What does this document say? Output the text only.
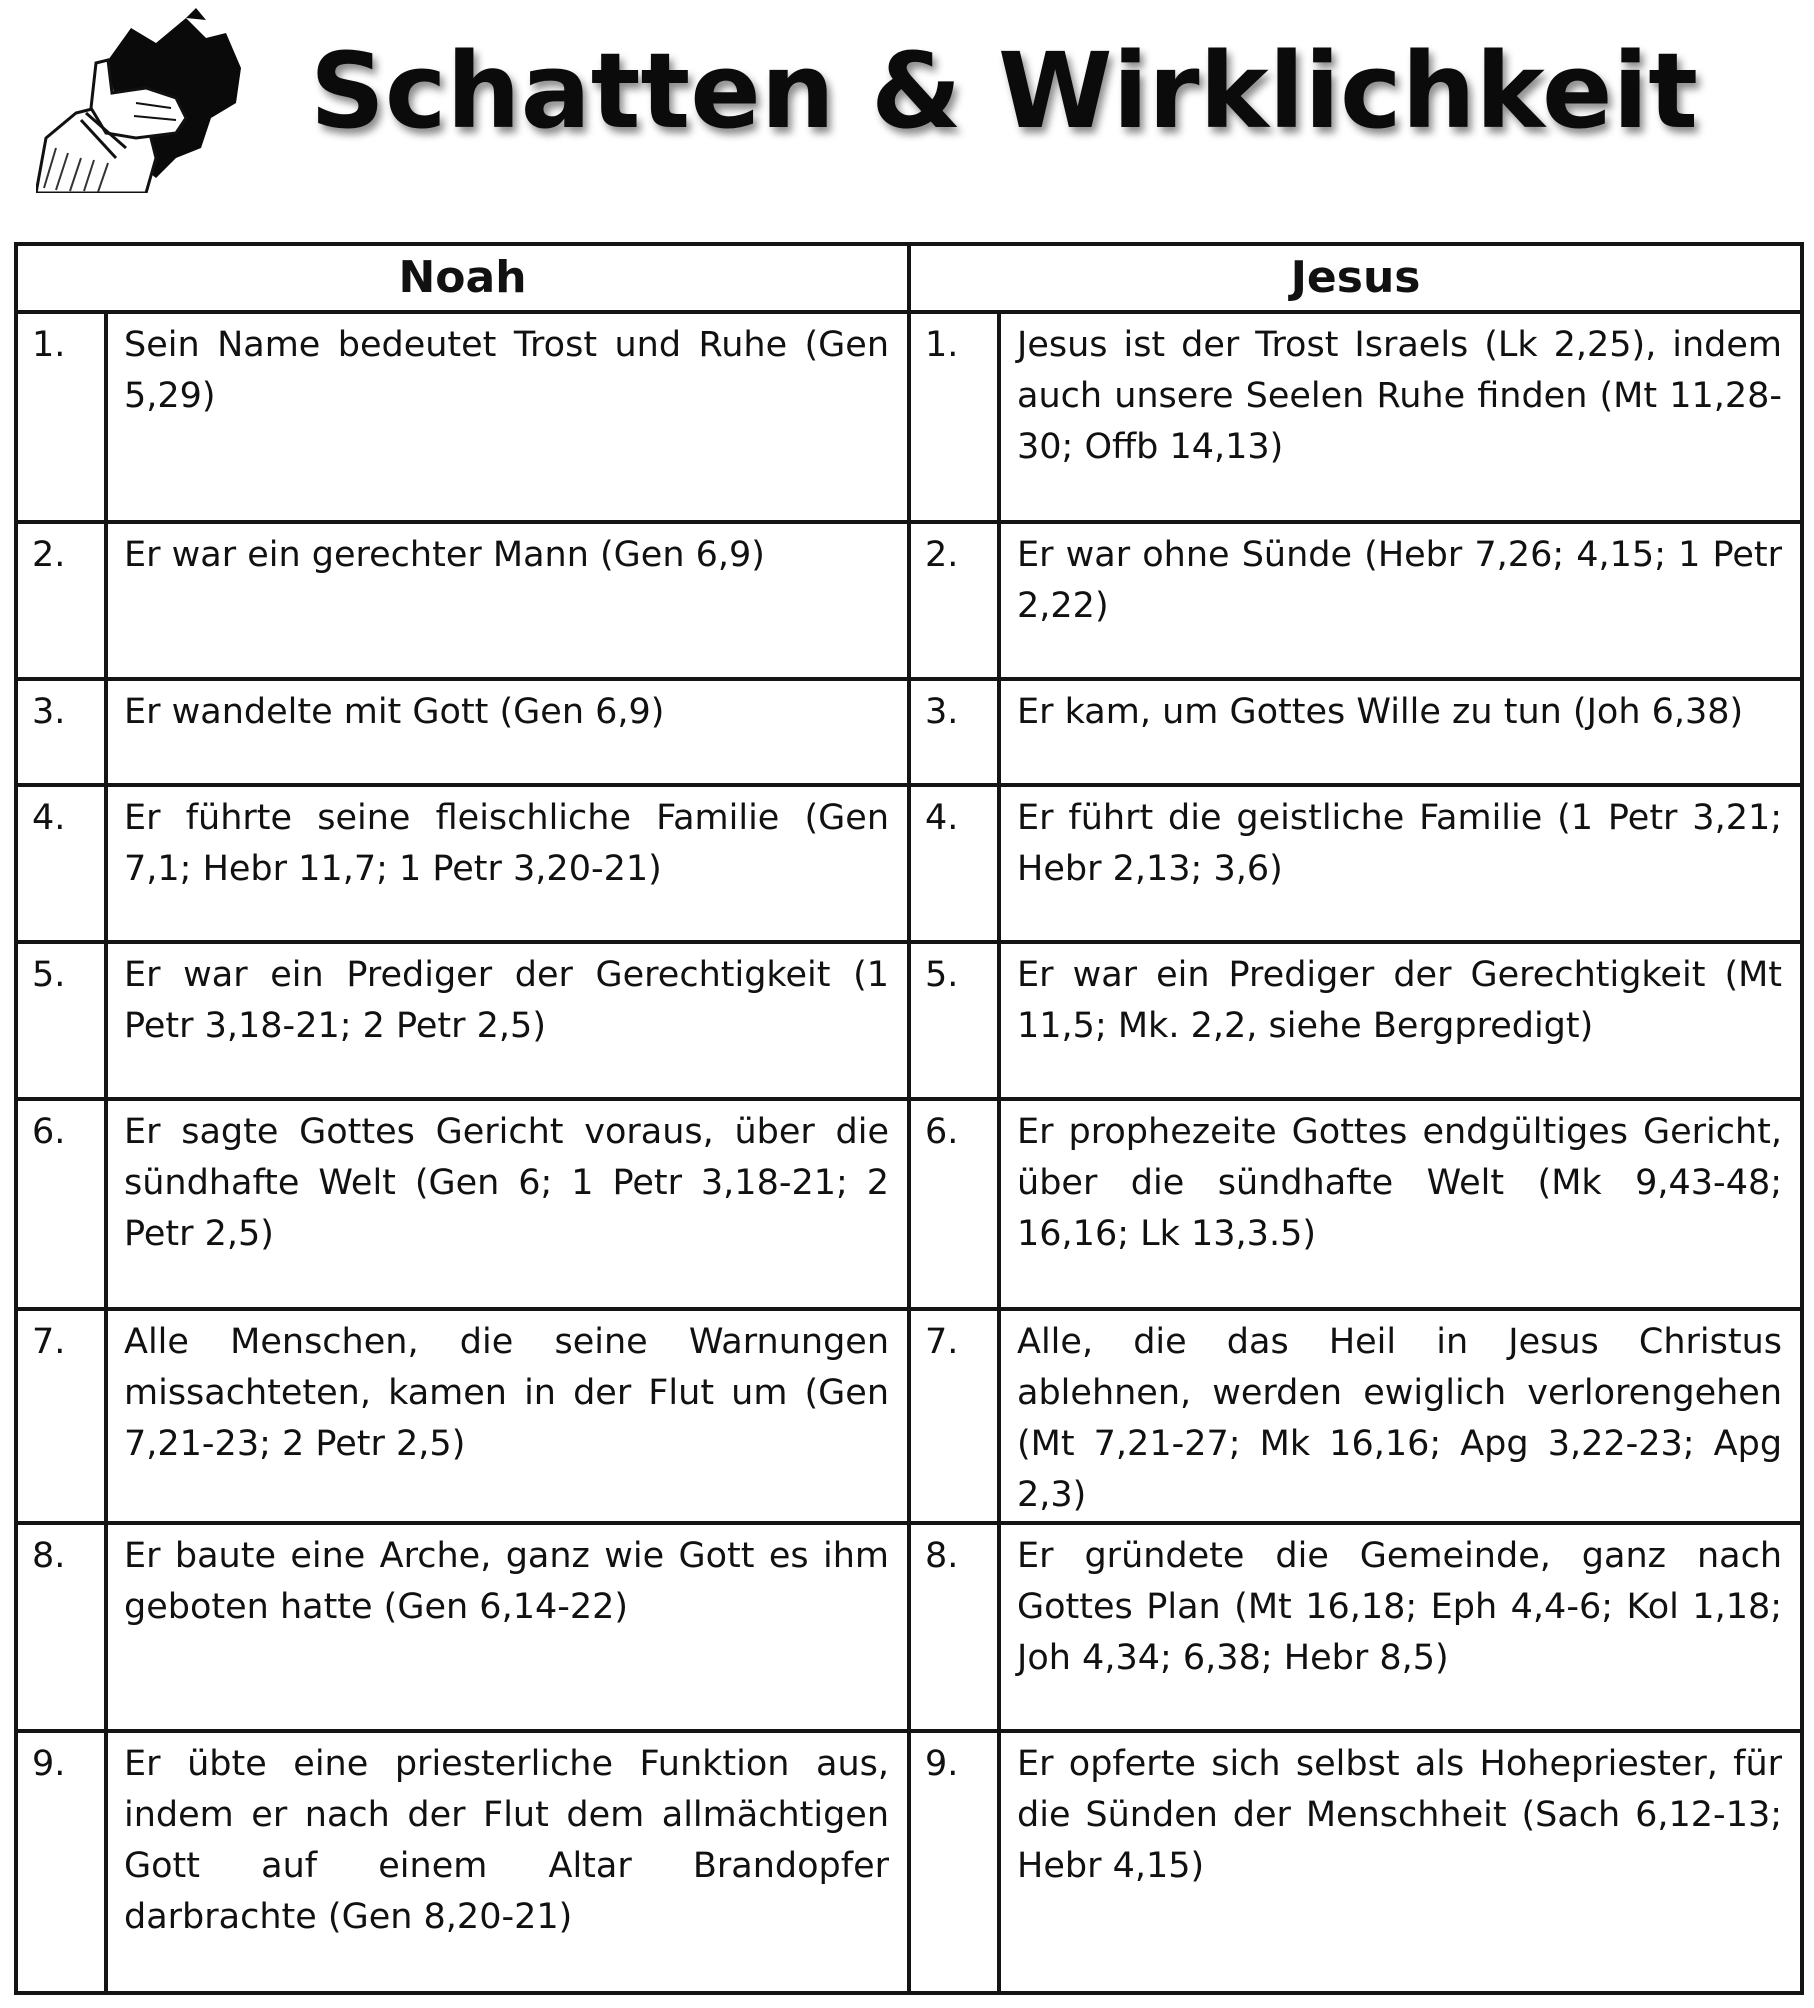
Schatten & Wirklichkeit
Noah		Jesus	
1.	Sein Name bedeutet Trost und Ruhe (Gen 5,29)	1.	Jesus ist der Trost Israels (Lk 2,25), indem auch unsere Seelen Ruhe finden (Mt 11,28-30; Offb 14,13)
2.	Er war ein gerechter Mann (Gen 6,9)	2.	Er war ohne Sünde (Hebr 7,26; 4,15; 1 Petr 2,22)
3.	Er wandelte mit Gott (Gen 6,9)	3.	Er kam, um Gottes Wille zu tun (Joh 6,38)
4.	Er führte seine fleischliche Familie (Gen 7,1; Hebr 11,7; 1 Petr 3,20-21)	4.	Er führt die geistliche Familie (1 Petr 3,21; Hebr 2,13; 3,6)
5.	Er war ein Prediger der Gerechtigkeit (1 Petr 3,18-21; 2 Petr 2,5)	5.	Er war ein Prediger der Gerechtigkeit (Mt 11,5; Mk. 2,2, siehe Bergpredigt)
6.	Er sagte Gottes Gericht voraus, über die sündhafte Welt (Gen 6; 1 Petr 3,18-21; 2 Petr 2,5)	6.	Er prophezeite Gottes endgültiges Gericht, über die sündhafte Welt (Mk 9,43-48; 16,16; Lk 13,3.5)
7.	Alle Menschen, die seine Warnungen missachteten, kamen in der Flut um (Gen 7,21-23; 2 Petr 2,5)	7.	Alle, die das Heil in Jesus Christus ablehnen, werden ewiglich verlorengehen (Mt 7,21-27; Mk 16,16; Apg 3,22-23; Apg 2,3)
8.	Er baute eine Arche, ganz wie Gott es ihm geboten hatte (Gen 6,14-22)	8.	Er gründete die Gemeinde, ganz nach Gottes Plan (Mt 16,18; Eph 4,4-6; Kol 1,18; Joh 4,34; 6,38; Hebr 8,5)
9.	Er übte eine priesterliche Funktion aus, indem er nach der Flut dem allmächtigen Gott auf einem Altar Brandopfer darbrachte (Gen 8,20-21)	9.	Er opferte sich selbst als Hohepriester, für die Sünden der Menschheit (Sach 6,12-13; Hebr 4,15)
